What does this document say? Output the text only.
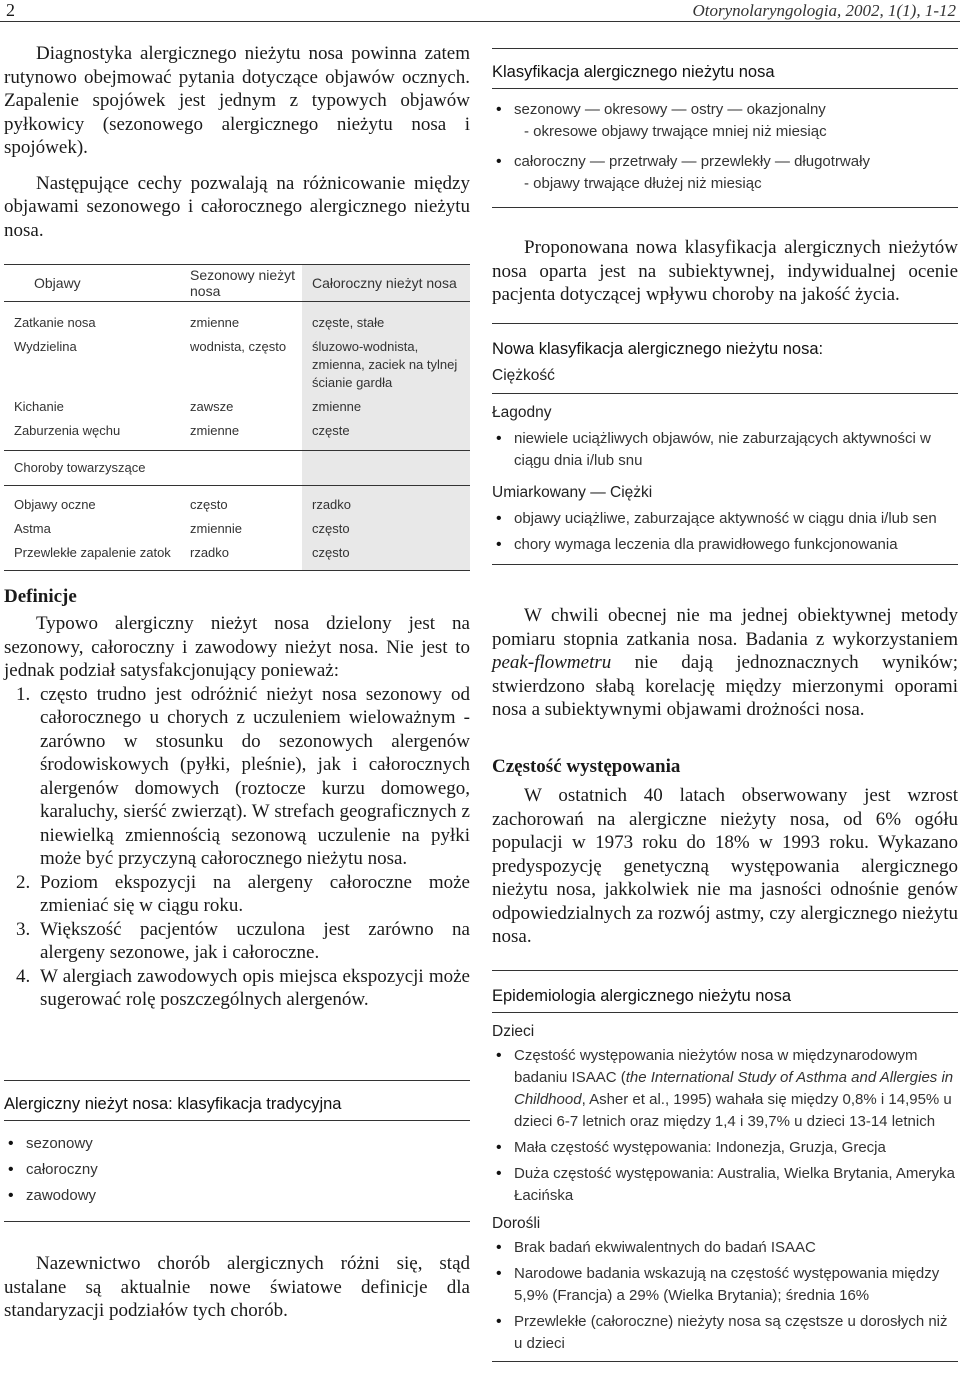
2	Otorynolaryngologia, 2002, 1(1), 1-12

Diagnostyka alergicznego nieżytu nosa powinna zatem rutynowo obejmować pytania dotyczące objawów ocznych. Zapalenie spojówek jest jednym z typowych objawów pyłkowicy (sezonowego alergicznego nieżytu nosa i spojówek).

Następujące cechy pozwalają na różnicowanie między objawami sezonowego i całorocznego alergicznego nieżytu nosa.

Objawy	Sezonowy nieżyt nosa	Całoroczny nieżyt nosa
Zatkanie nosa	zmienne	częste, stałe
Wydzielina	wodnista, często	śluzowo-wodnista, zmienna, zaciek na tylnej ścianie gardła
Kichanie	zawsze	zmienne
Zaburzenia węchu	zmienne	częste
Choroby towarzyszące		
Objawy oczne	często	rzadko
Astma	zmiennie	często
Przewlekłe zapalenie zatok	rzadko	często
Definicje

Typowo alergiczny nieżyt nosa dzielony jest na sezonowy, całoroczny i zawodowy nieżyt nosa. Nie jest to jednak podział satysfakcjonujący ponieważ:

1. często trudno jest odróżnić nieżyt nosa sezonowy od całorocznego u chorych z uczuleniem wieloważnym - zarówno w stosunku do sezonowych alergenów środowiskowych (pyłki, pleśnie), jak i całorocznych alergenów domowych (roztocze kurzu domowego, karaluchy, sierść zwierząt). W strefach geograficznych z niewielką zmiennością sezonową uczulenie na pyłki może być przyczyną całorocznego nieżytu nosa.
2. Poziom ekspozycji na alergeny całoroczne może zmieniać się w ciągu roku.
3. Większość pacjentów uczulona jest zarówno na alergeny sezonowe, jak i całoroczne.
4. W alergiach zawodowych opis miejsca ekspozycji może sugerować rolę poszczególnych alergenów.
Alergiczny nieżyt nosa: klasyfikacja tradycyjna
• sezonowy
• całoroczny
• zawodowy

Nazewnictwo chorób alergicznych różni się, stąd ustalane są aktualnie nowe światowe definicje dla standaryzacji podziałów tych chorób.

Klasyfikacja alergicznego nieżytu nosa
• sezonowy — okresowy — ostry — okazjonalny
- okresowe objawy trwające mniej niż miesiąc
• całoroczny — przetrwały — przewlekły — długotrwały
- objawy trwające dłużej niż miesiąc

Proponowana nowa klasyfikacja alergicznych nieżytów nosa oparta jest na subiektywnej, indywidualnej ocenie pacjenta dotyczącej wpływu choroby na jakość życia.

Nowa klasyfikacja alergicznego nieżytu nosa:
Ciężkość
Łagodny
• niewiele uciążliwych objawów, nie zaburzających aktywności w ciągu dnia i/lub snu
Umiarkowany — Ciężki
• objawy uciążliwe, zaburzające aktywność w ciągu dnia i/lub sen
• chory wymaga leczenia dla prawidłowego funkcjonowania

W chwili obecnej nie ma jednej obiektywnej metody pomiaru stopnia zatkania nosa. Badania z wykorzystaniem peak-flowmetru nie dają jednoznacznych wyników; stwierdzono słabą korelację między mierzonymi oporami nosa a subiektywnymi objawami drożności nosa.

Częstość występowania

W ostatnich 40 latach obserwowany jest wzrost zachorowań na alergiczne nieżyty nosa, od 6% ogółu populacji w 1973 roku do 18% w 1993 roku. Wykazano predyspozycję genetyczną występowania alergicznego nieżytu nosa, jakkolwiek nie ma jasności odnośnie genów odpowiedzialnych za rozwój astmy, czy alergicznego nieżytu nosa.

Epidemiologia alergicznego nieżytu nosa
Dzieci
• Częstość występowania nieżytów nosa w międzynarodowym badaniu ISAAC (the International Study of Asthma and Allergies in Childhood, Asher et al., 1995) wahała się między 0,8% i 14,95% u dzieci 6-7 letnich oraz między 1,4 i 39,7% u dzieci 13-14 letnich
• Mała częstość występowania: Indonezja, Gruzja, Grecja
• Duża częstość występowania: Australia, Wielka Brytania, Ameryka Łacińska
Dorośli
• Brak badań ekwiwalentnych do badań ISAAC
• Narodowe badania wskazują na częstość występowania między 5,9% (Francja) a 29% (Wielka Brytania); średnia 16%
• Przewlekłe (całoroczne) nieżyty nosa są częstsze u dorosłych niż u dzieci
